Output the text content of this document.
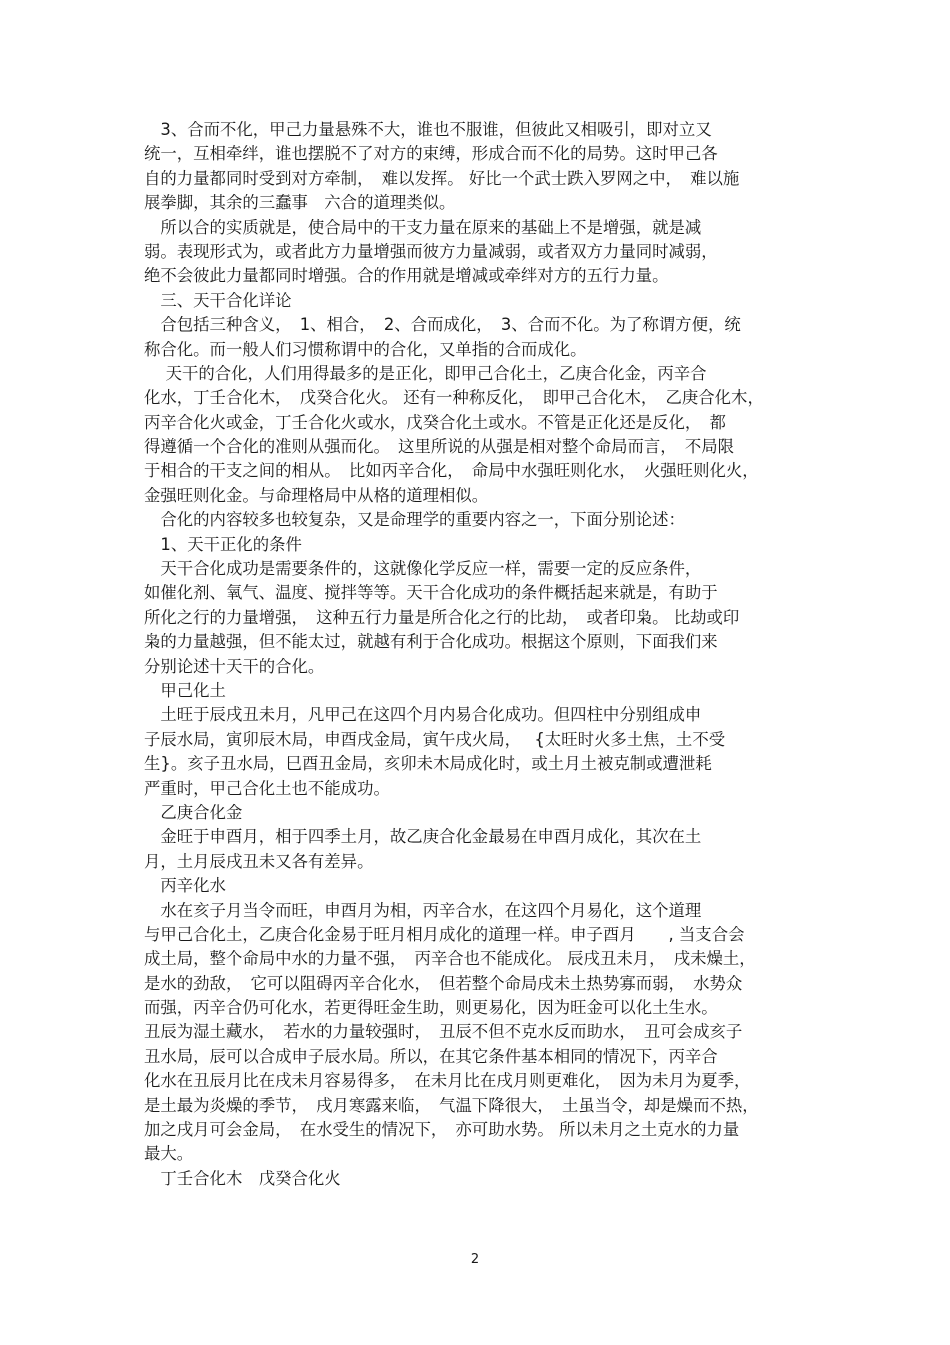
　3、合而不化，甲己力量悬殊不大，谁也不服谁，但彼此又相吸引，即对立又
统一，互相牵绊，谁也摆脱不了对方的束缚，形成合而不化的局势。这时甲己各
自的力量都同时受到对方牵制，　难以发挥。 好比一个武士跌入罗网之中，　难以施
展拳脚，其余的三蠢事　六合的道理类似。
　所以合的实质就是，使合局中的干支力量在原来的基础上不是增强，就是减
弱。表现形式为，或者此方力量增强而彼方力量减弱，或者双方力量同时减弱，
绝不会彼此力量都同时增强。合的作用就是增减或牵绊对方的五行力量。
　三、天干合化详论
　合包括三种含义，　1、相合，　2、合而成化，　3、合而不化。为了称谓方便，统
称合化。而一般人们习惯称谓中的合化，又单指的合而成化。
　 天干的合化，人们用得最多的是正化，即甲己合化土，乙庚合化金，丙辛合
化水，丁壬合化木，　戊癸合化火。 还有一种称反化，　即甲己合化木，　乙庚合化木，
丙辛合化火或金，丁壬合化火或水，戊癸合化土或水。不管是正化还是反化，　都
得遵循一个合化的准则从强而化。　这里所说的从强是相对整个命局而言，　不局限
于相合的干支之间的相从。　比如丙辛合化，　命局中水强旺则化水，　火强旺则化火，
金强旺则化金。与命理格局中从格的道理相似。
　合化的内容较多也较复杂，又是命理学的重要内容之一，下面分别论述：
　1、天干正化的条件
　天干合化成功是需要条件的，这就像化学反应一样，需要一定的反应条件，
如催化剂、氧气、温度、搅拌等等。天干合化成功的条件概括起来就是，有助于
所化之行的力量增强，　这种五行力量是所合化之行的比劫，　或者印枭。 比劫或印
枭的力量越强，但不能太过，就越有利于合化成功。根据这个原则，下面我们来
分别论述十天干的合化。
　甲己化土
　土旺于辰戌丑未月，凡甲己在这四个月内易合化成功。但四柱中分别组成申
子辰水局，寅卯辰木局，申酉戌金局，寅午戌火局，　 {太旺时火多土焦，土不受
生}。亥子丑水局，巳酉丑金局，亥卯未木局成化时，或土月土被克制或遭泄耗
严重时，甲己合化土也不能成功。
　乙庚合化金
　金旺于申酉月，相于四季土月，故乙庚合化金最易在申酉月成化，其次在土
月，土月辰戌丑未又各有差异。
　丙辛化水
　水在亥子月当令而旺，申酉月为相，丙辛合水，在这四个月易化，这个道理
与甲己合化土，乙庚合化金易于旺月相月成化的道理一样。申子酉月　　, 当支合会
成土局，整个命局中水的力量不强，　丙辛合也不能成化。 辰戌丑未月，　戌未燥土，
是水的劲敌，　它可以阻碍丙辛合化水，　但若整个命局戌未土热势寡而弱，　水势众
而强，丙辛合仍可化水，若更得旺金生助，则更易化，因为旺金可以化土生水。
丑辰为湿土藏水，　若水的力量较强时，　丑辰不但不克水反而助水，　丑可会成亥子
丑水局，辰可以合成申子辰水局。所以，在其它条件基本相同的情况下，丙辛合
化水在丑辰月比在戌未月容易得多，　在未月比在戌月则更难化，　因为未月为夏季，
是土最为炎燥的季节，　戌月寒露来临，　气温下降很大，　土虽当令，却是燥而不热，
加之戌月可会金局，　在水受生的情况下，　亦可助水势。 所以未月之土克水的力量
最大。
　丁壬合化木　戊癸合化火
2
